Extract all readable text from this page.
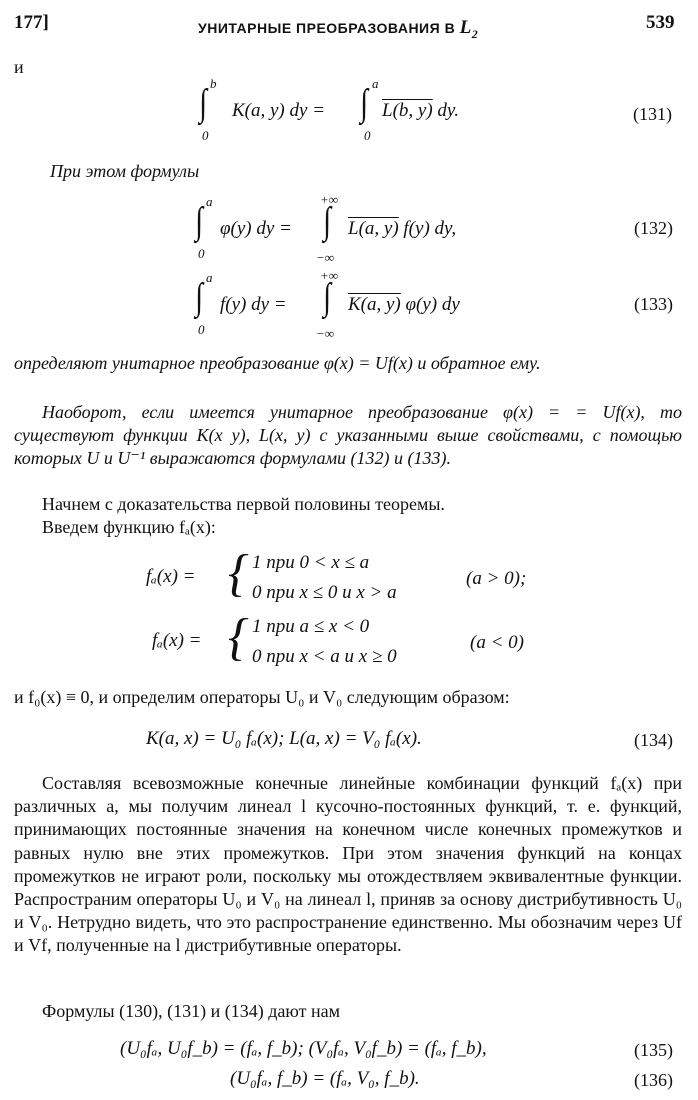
177]	УНИТАРНЫЕ ПРЕОБРАЗОВАНИЯ В $L_2$
539
и
b
0
∫ K(a, y) dy =
a
0
∫ L(b, y) dy.	(131)
При этом формулы
a
0
∫ φ(y) dy =
+∞
−∞
∫ L(a, y) f(y) dy,	(132)
a
0
∫ f(y) dy =
+∞
−∞
∫ K(a, y) φ(y) dy	(133)

определяют унитарное преобразование φ(x) = Uf(x) и обратное ему.

Наоборот, если имеется унитарное преобразование φ(x) = = Uf(x), то существуют функции K(x y), L(x, y) с указанными выше свойствами, с помощью которых U и U⁻¹ выражаются формулами (132) и (133).

Начнем с доказательства первой половины теоремы.

Введем функцию fₐ(x):

fₐ(x) = { 1 при 0 < x ≤ a
0 при x ≤ 0 и x > a
(a > 0);
fₐ(x) = { 1 при a ≤ x < 0
0 при x < a и x ≥ 0
(a < 0)

и f₀(x) ≡ 0, и определим операторы U₀ и V₀ следующим образом:

K(a, x) = U₀ fₐ(x); L(a, x) = V₀ fₐ(x).	(134)

Составляя всевозможные конечные линейные комбинации функций fₐ(x) при различных a, мы получим линеал l кусочно-постоянных функций, т. е. функций, принимающих постоянные значения на конечном числе конечных промежутков и равных нулю вне этих промежутков. При этом значения функций на концах промежутков не играют роли, поскольку мы отождествляем эквивалентные функции. Распространим операторы U₀ и V₀ на линеал l, приняв за основу дистрибутивность U₀ и V₀. Нетрудно видеть, что это распространение единственно. Мы обозначим через Uf и Vf, полученные на l дистрибутивные операторы.

Формулы (130), (131) и (134) дают нам

(U₀fₐ, U₀f_b) = (fₐ, f_b); (V₀fₐ, V₀f_b) = (fₐ, f_b),	(135)
(U₀fₐ, f_b) = (fₐ, V₀, f_b).	(136)
